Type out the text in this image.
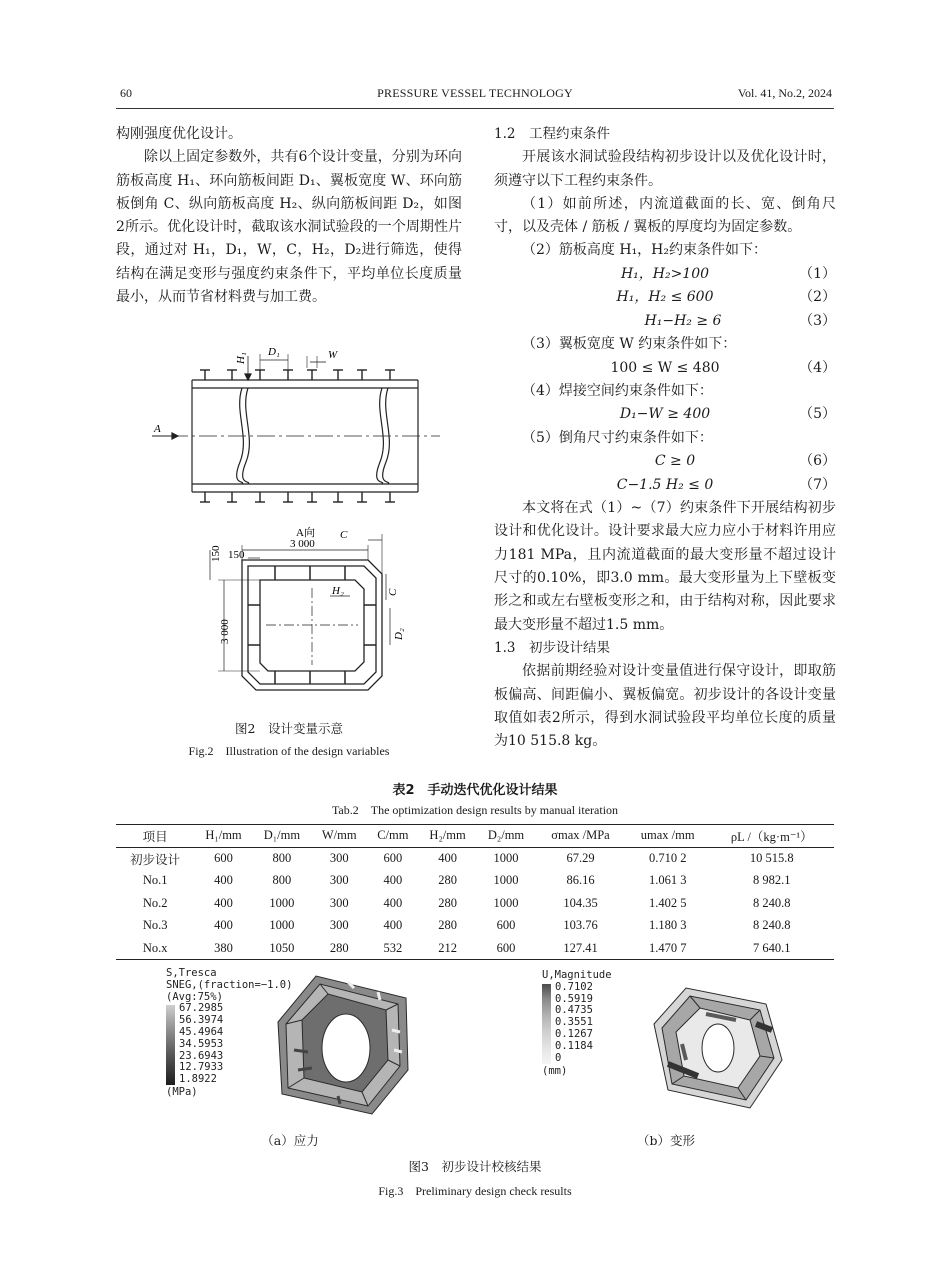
60	PRESSURE VESSEL TECHNOLOGY	Vol. 41, No.2, 2024

构刚强度优化设计。

除以上固定参数外，共有6个设计变量，分别为环向筋板高度 H₁、环向筋板间距 D₁、翼板宽度 W、环向筋板倒角 C、纵向筋板高度 H₂、纵向筋板间距 D₂，如图2所示。优化设计时，截取该水洞试验段的一个周期性片段，通过对 H₁，D₁，W，C，H₂，D₂进行筛选，使得结构在满足变形与强度约束条件下，平均单位长度质量最小，从而节省材料费与加工费。

H₁
D₁	W
A
A向
3 000
C
150
150
H₂	C
D₂
3 000
图2　设计变量示意
Fig.2　Illustration of the design variables
1.2　工程约束条件

开展该水洞试验段结构初步设计以及优化设计时，须遵守以下工程约束条件。

（1）如前所述，内流道截面的长、宽、倒角尺寸，以及壳体 / 筋板 / 翼板的厚度均为固定参数。

（2）筋板高度 H₁，H₂约束条件如下：

H₁，H₂>100	（1）
H₁，H₂ ≤ 600	（2）
H₁−H₂ ≥ 6	（3）

（3）翼板宽度 W 约束条件如下：

100 ≤ W ≤ 480	（4）

（4）焊接空间约束条件如下：

D₁−W ≥ 400	（5）

（5）倒角尺寸约束条件如下：

C ≥ 0	（6）
C−1.5 H₂ ≤ 0	（7）

本文将在式（1）~（7）约束条件下开展结构初步设计和优化设计。设计要求最大应力应小于材料许用应力181 MPa，且内流道截面的最大变形量不超过设计尺寸的0.10%，即3.0 mm。最大变形量为上下壁板变形之和或左右壁板变形之和，由于结构对称，因此要求最大变形量不超过1.5 mm。

1.3　初步设计结果

依据前期经验对设计变量值进行保守设计，即取筋板偏高、间距偏小、翼板偏宽。初步设计的各设计变量取值如表2所示，得到水洞试验段平均单位长度的质量为10 515.8 kg。

表2　手动迭代优化设计结果
Tab.2　The optimization design results by manual iteration
项目	H₁/mm	D₁/mm	W/mm	C/mm	H₂/mm	D₂/mm	σmax /MPa	umax /mm	ρL /（kg·m⁻¹）
初步设计	600	800	300	600	400	1000	67.29	0.710 2	10 515.8
No.1	400	800	300	400	280	1000	86.16	1.061 3	8 982.1
No.2	400	1000	300	400	280	1000	104.35	1.402 5	8 240.8
No.3	400	1000	300	400	280	600	103.76	1.180 3	8 240.8
No.x	380	1050	280	532	212	600	127.41	1.470 7	7 640.1
S,Tresca
SNEG,(fraction=−1.0)
(Avg:75%)
67.2985
56.3974
45.4964
34.5953
23.6943
12.7933
1.8922
(MPa)
U,Magnitude
0.7102
0.5919
0.4735
0.3551
0.1267
0.1184
0
(mm)
（a）应力	（b）变形
图3　初步设计校核结果
Fig.3　Preliminary design check results
